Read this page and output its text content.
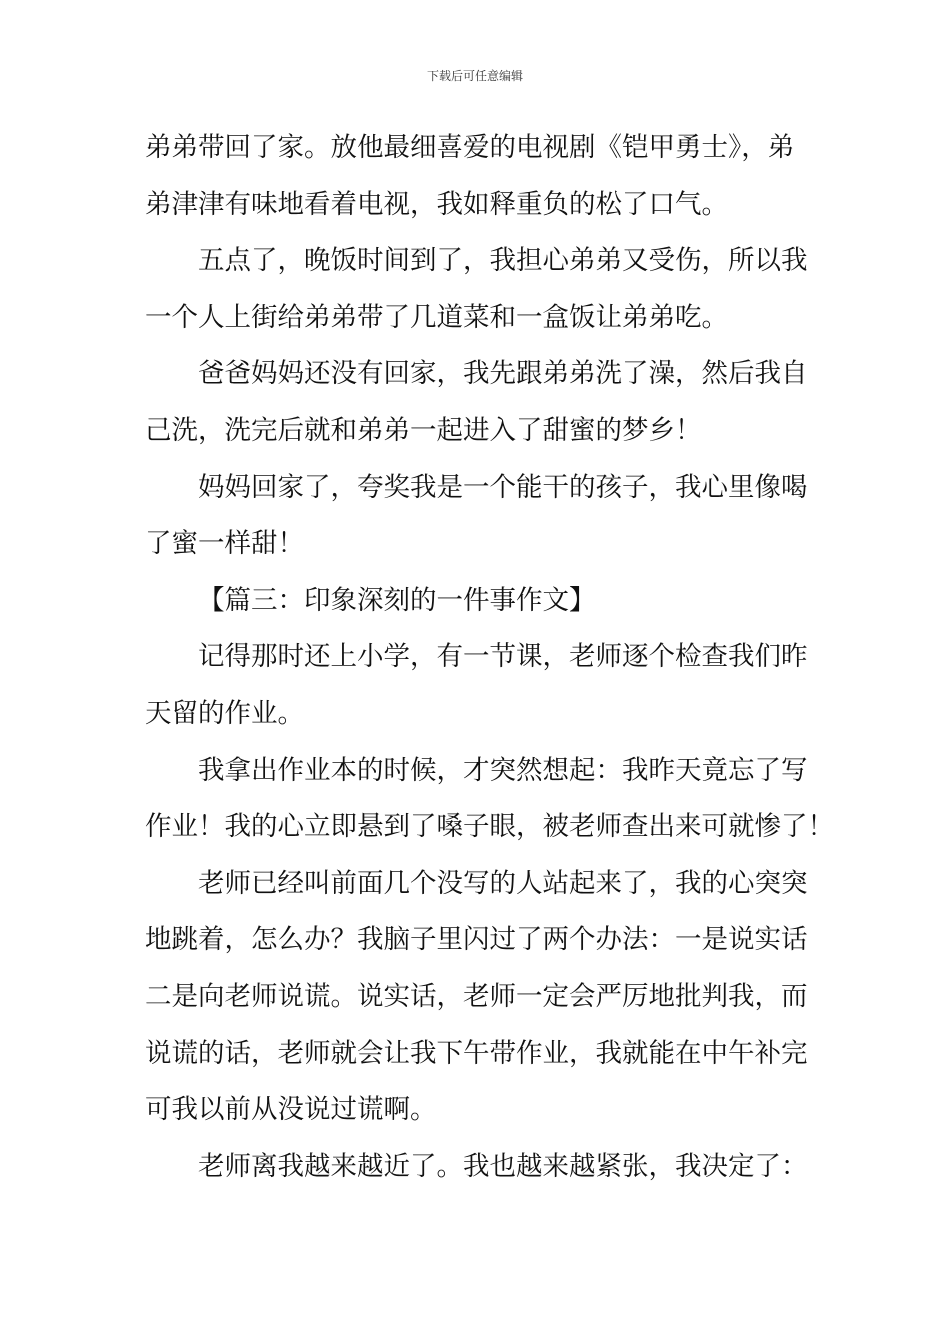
下载后可任意编辑
弟弟带回了家。放他最细喜爱的电视剧《铠甲勇士》，弟
弟津津有味地看着电视，我如释重负的松了口气。
五点了，晚饭时间到了，我担心弟弟又受伤，所以我
一个人上街给弟弟带了几道菜和一盒饭让弟弟吃。
爸爸妈妈还没有回家，我先跟弟弟洗了澡，然后我自
己洗，洗完后就和弟弟一起进入了甜蜜的梦乡！
妈妈回家了，夸奖我是一个能干的孩子，我心里像喝
了蜜一样甜！
【篇三：印象深刻的一件事作文】
记得那时还上小学，有一节课，老师逐个检查我们昨
天留的作业。
我拿出作业本的时候，才突然想起：我昨天竟忘了写
作业！我的心立即悬到了嗓子眼，被老师查出来可就惨了！
老师已经叫前面几个没写的人站起来了，我的心突突
地跳着，怎么办？我脑子里闪过了两个办法：一是说实话
二是向老师说谎。说实话，老师一定会严厉地批判我，而
说谎的话，老师就会让我下午带作业，我就能在中午补完
可我以前从没说过谎啊。
老师离我越来越近了。我也越来越紧张，我决定了：
